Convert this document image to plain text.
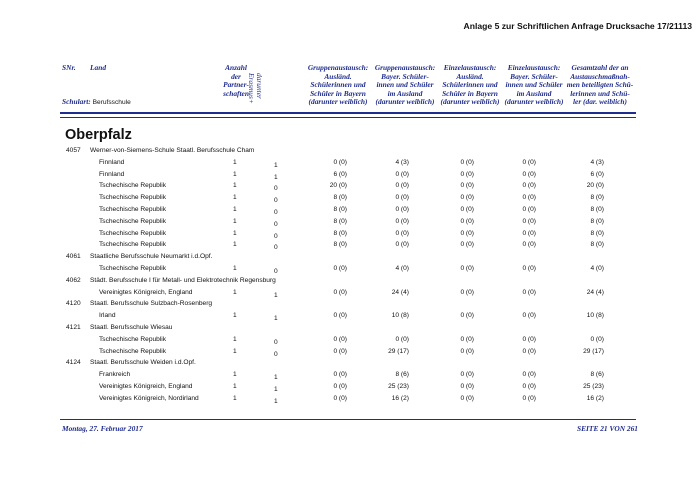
Anlage 5 zur Schriftlichen Anfrage Drucksache 17/21113
SNr. Land	Anzahl
der
Partner-
schaften darunter
Erasmus+
Gruppenaustausch:
Ausländ.
Schülerinnen und
Schüler in Bayern
(darunter weiblich)
Gruppenaustausch:
Bayer. Schüler-
innen und Schüler
im Ausland
(darunter weiblich)
Einzelaustausch:
Ausländ.
Schülerinnen und
Schüler in Bayern
(darunter weiblich)
Einzelaustausch:
Bayer. Schüler-
innen und Schüler
im Ausland
(darunter weiblich)
Gesamtzahl der an
Austauschmaßnah-
men beteiligten Schü-
lerinnen und Schü-
ler (dar. weiblich)
Schulart: Berufsschule
Oberpfalz
4057 Werner-von-Siemens-Schule Staatl. Berufsschule Cham
Finnland	1	1	0 (0)	4 (3)	0 (0)	0 (0)	4 (3)
Finnland	1	1	6 (0)	0 (0)	0 (0)	0 (0)	6 (0)
Tschechische Republik	1	0	20 (0)	0 (0)	0 (0)	0 (0)	20 (0)
Tschechische Republik	1	0	8 (0)	0 (0)	0 (0)	0 (0)	8 (0)
Tschechische Republik	1	0	8 (0)	0 (0)	0 (0)	0 (0)	8 (0)
Tschechische Republik	1	0	8 (0)	0 (0)	0 (0)	0 (0)	8 (0)
Tschechische Republik	1	0	8 (0)	0 (0)	0 (0)	0 (0)	8 (0)
Tschechische Republik	1	0	8 (0)	0 (0)	0 (0)	0 (0)	8 (0)
4061 Staatliche Berufsschule Neumarkt i.d.Opf.
Tschechische Republik	1	0	0 (0)	4 (0)	0 (0)	0 (0)	4 (0)
4062 Städt. Berufsschule I für Metall- und Elektrotechnik Regensburg
Vereinigtes Königreich, England	1	1	0 (0)	24 (4)	0 (0)	0 (0)	24 (4)
4120 Staatl. Berufsschule Sulzbach-Rosenberg
Irland	1	1	0 (0)	10 (8)	0 (0)	0 (0)	10 (8)
4121 Staatl. Berufsschule Wiesau
Tschechische Republik	1	0	0 (0)	0 (0)	0 (0)	0 (0)	0 (0)
Tschechische Republik	1	0	0 (0)	29 (17)	0 (0)	0 (0)	29 (17)
4124 Staatl. Berufsschule Weiden i.d.Opf.
Frankreich	1	1	0 (0)	8 (6)	0 (0)	0 (0)	8 (6)
Vereinigtes Königreich, England	1	1	0 (0)	25 (23)	0 (0)	0 (0)	25 (23)
Vereinigtes Königreich, Nordirland	1	1	0 (0)	16 (2)	0 (0)	0 (0)	16 (2)
Montag, 27. Februar 2017	SEITE 21 VON 261
